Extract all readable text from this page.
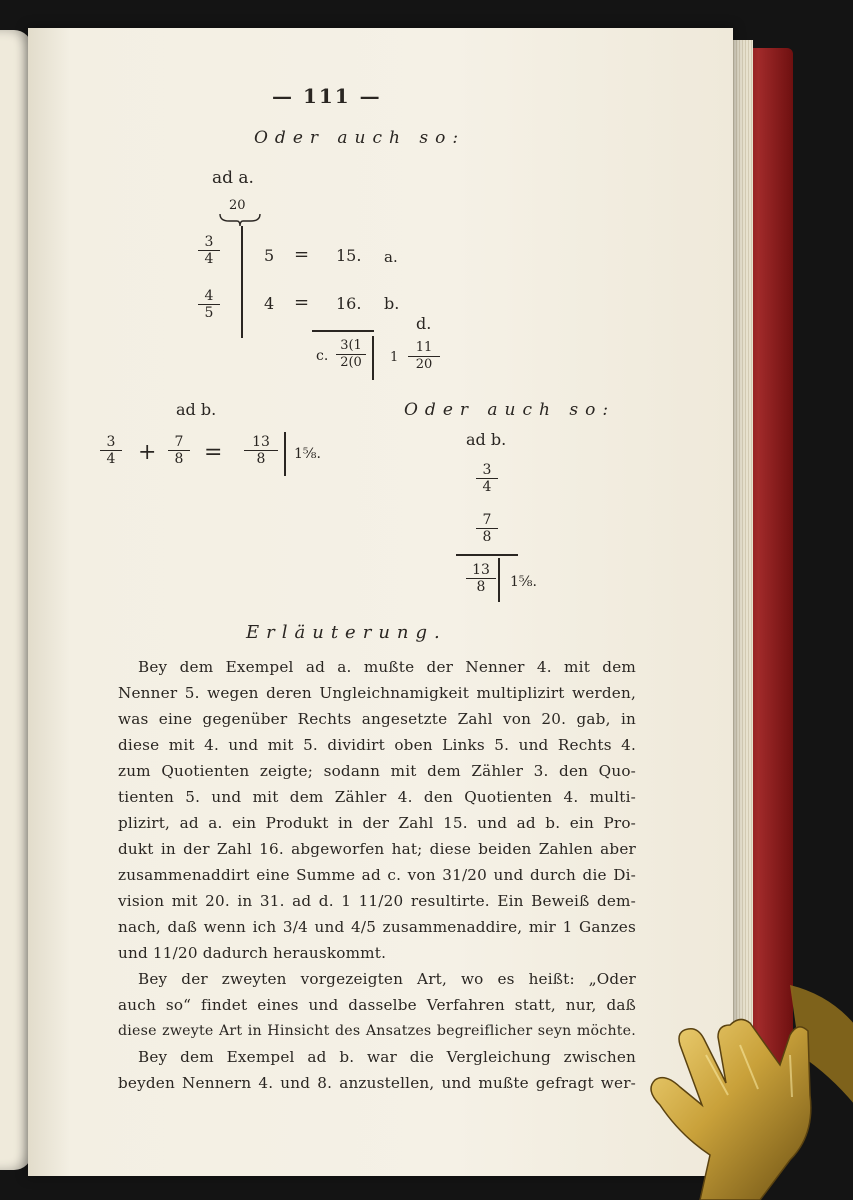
— 111 —
Oder auch so:
ad a.
20
$\frac{3}{4}$
$\frac{4}{5}$
5 = 15. a.
4 = 16. b.
d.
c. $\frac{3(1}{2(0} 1 \frac{11}{20}$
ad b.
$\frac{3}{4} + \frac{7}{8} = \frac{13}{8}$ 1⅝.
Oder auch so:
ad b.
$\frac{3}{4}$
$\frac{7}{8}$
$\frac{13}{8}$ 1⅝.
Erläuterung.
Bey dem Exempel ad a. mußte der Nenner 4. mit dem
Nenner 5. wegen deren Ungleichnamigkeit multiplizirt werden,
was eine gegenüber Rechts angesetzte Zahl von 20. gab, in
diese mit 4. und mit 5. dividirt oben Links 5. und Rechts 4.
zum Quotienten zeigte; sodann mit dem Zähler 3. den Quo-
tienten 5. und mit dem Zähler 4. den Quotienten 4. multi-
plizirt, ad a. ein Produkt in der Zahl 15. und ad b. ein Pro-
dukt in der Zahl 16. abgeworfen hat; diese beiden Zahlen aber
zusammenaddirt eine Summe ad c. von 31/20 und durch die Di-
vision mit 20. in 31. ad d. 1 11/20 resultirte. Ein Beweiß dem-
nach, daß wenn ich 3/4 und 4/5 zusammenaddire, mir 1 Ganzes
und 11/20 dadurch herauskommt.
Bey der zweyten vorgezeigten Art, wo es heißt: „Oder
auch so“ findet eines und dasselbe Verfahren statt, nur, daß
diese zweyte Art in Hinsicht des Ansatzes begreiflicher seyn möchte.
Bey dem Exempel ad b. war die Vergleichung zwischen
beyden Nennern 4. und 8. anzustellen, und mußte gefragt wer-
